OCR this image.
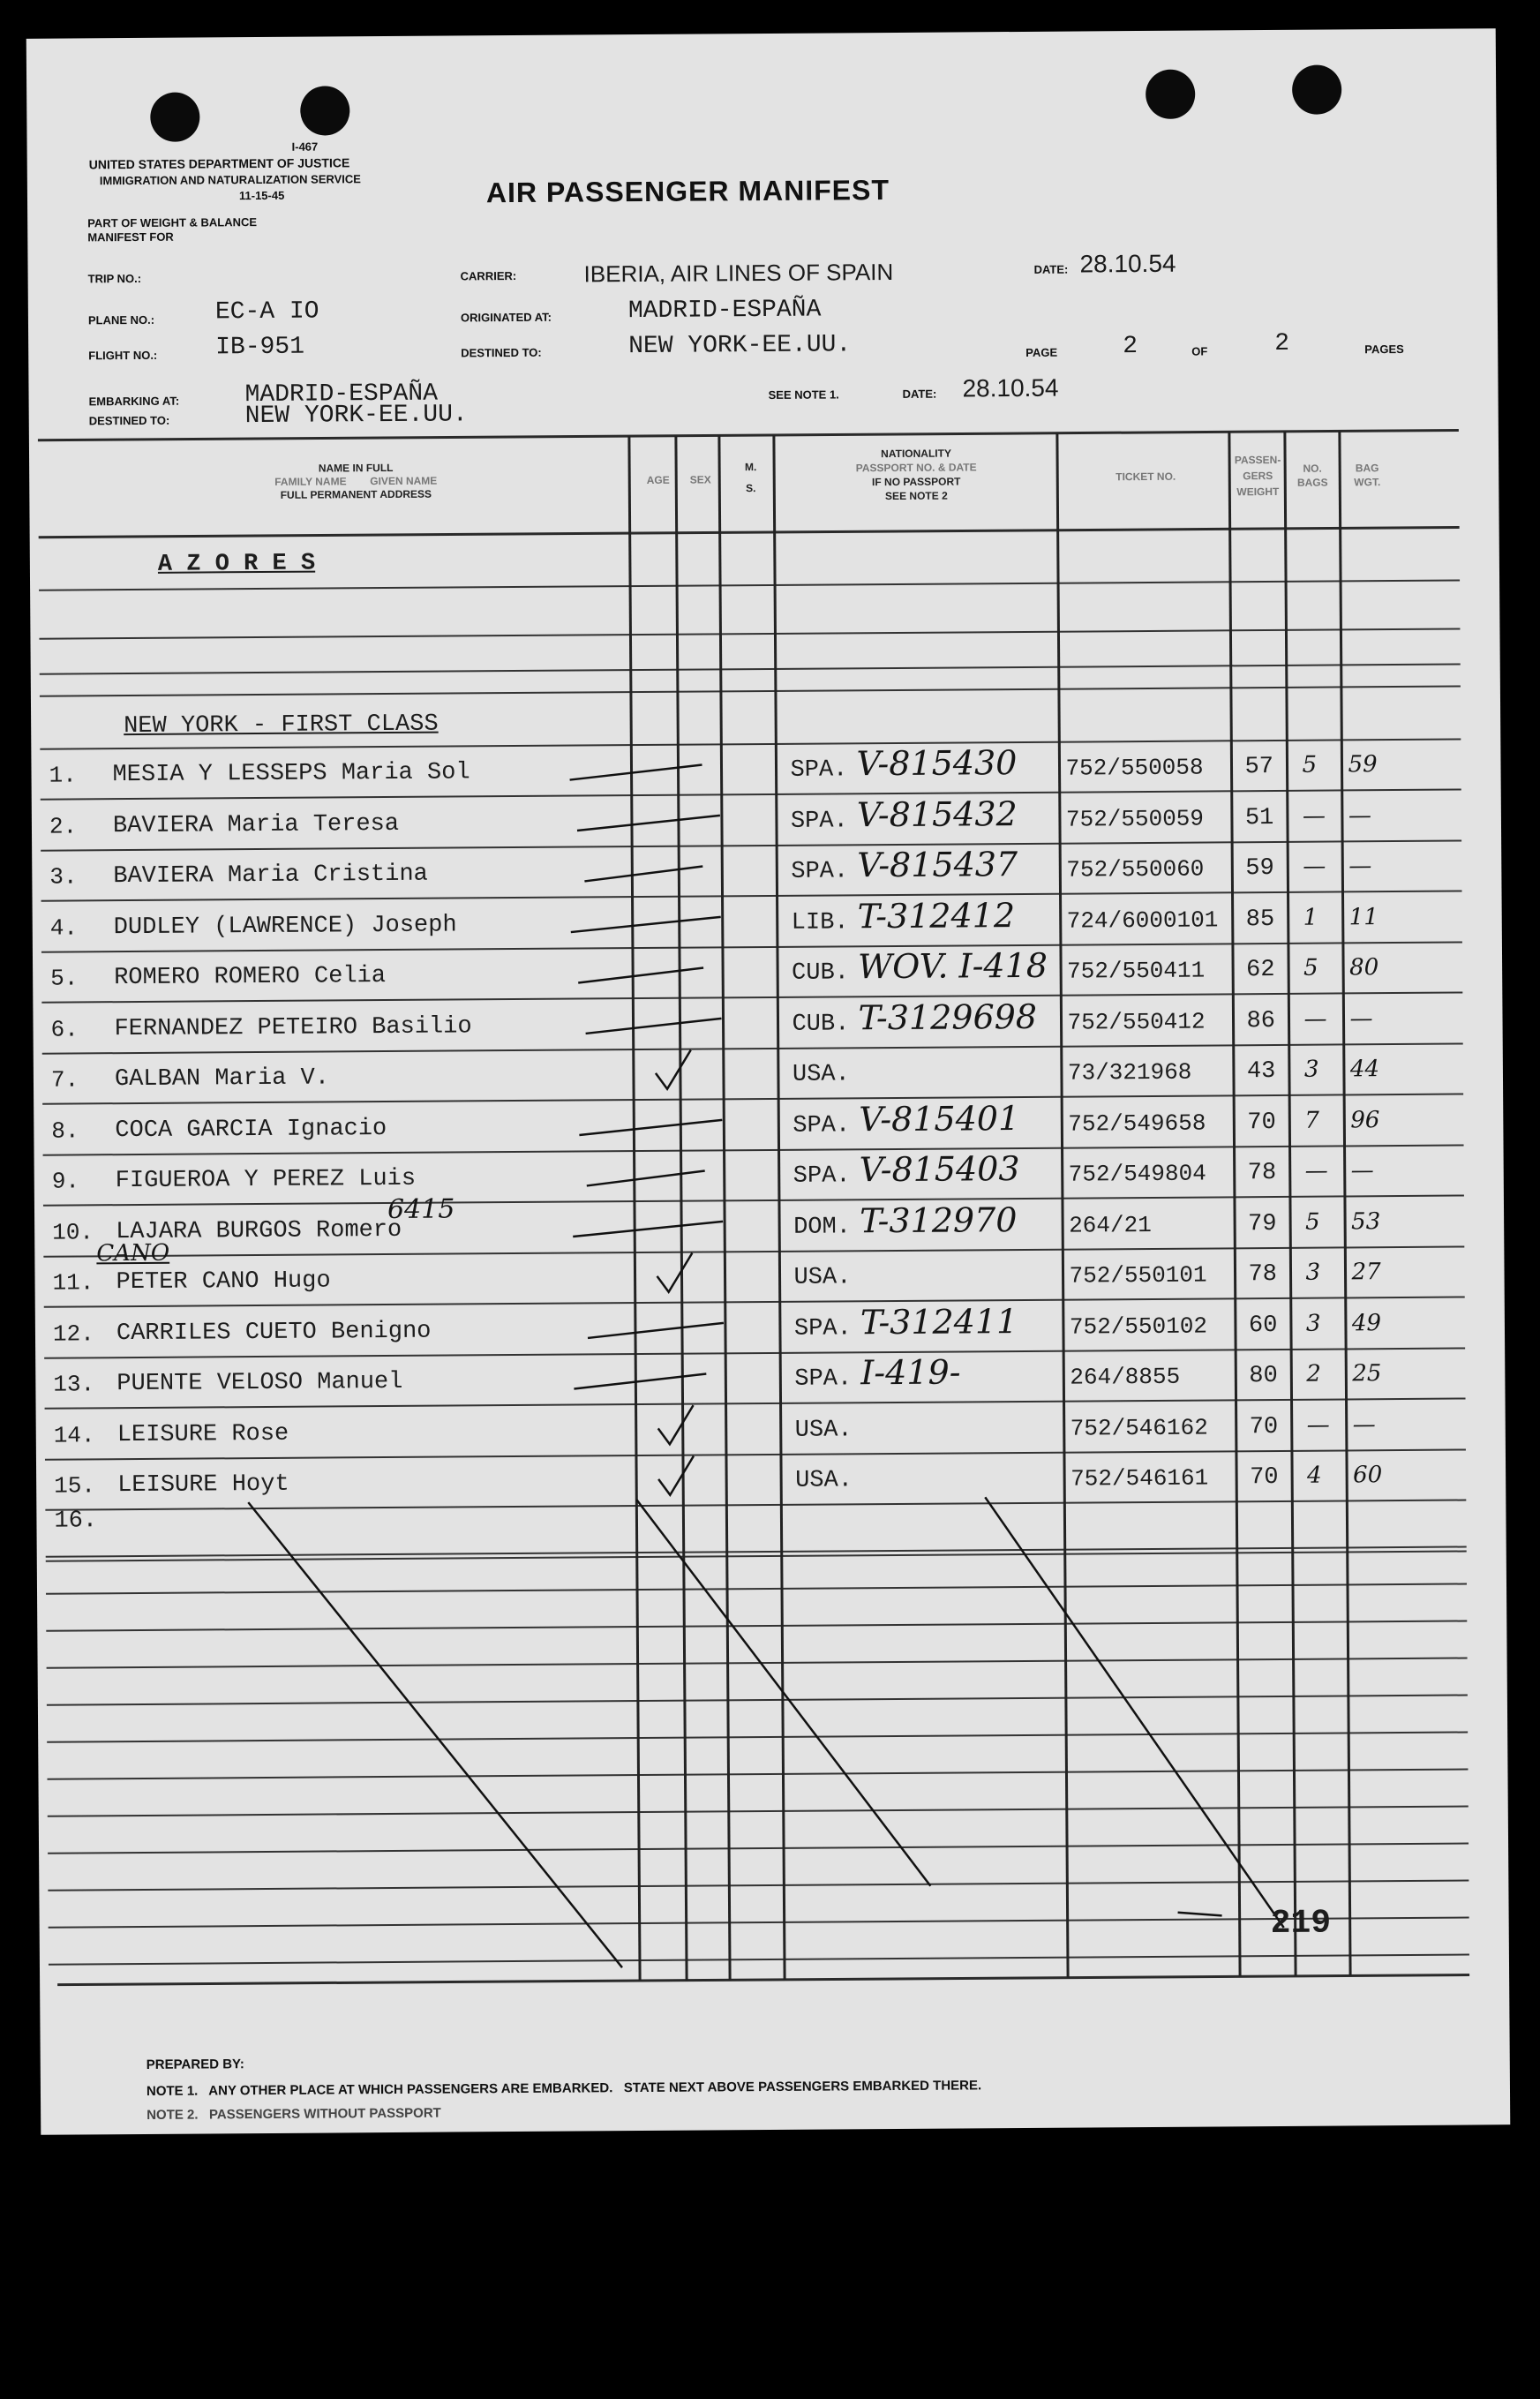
I-467
UNITED STATES DEPARTMENT OF JUSTICE
IMMIGRATION AND NATURALIZATION SERVICE
11-15-45
PART OF WEIGHT & BALANCE
MANIFEST FOR
AIR PASSENGER MANIFEST
TRIP NO.:
PLANE NO.: EC-A IO
FLIGHT NO.: IB-951
CARRIER:	IBERIA, AIR LINES OF SPAIN
ORIGINATED AT:	MADRID-ESPAÑA
DESTINED TO:	NEW YORK-EE.UU.
DATE: 28.10.54
PAGE	2	OF	2	PAGES
EMBARKING AT:	MADRID-ESPAÑA
DESTINED TO:	NEW YORK-EE.UU.
SEE NOTE 1.	DATE: 28.10.54
NAME IN FULL
FAMILY NAME        GIVEN NAME
FULL PERMANENT ADDRESS
AGE	SEX
M.
S.
NATIONALITY
PASSPORT NO. & DATE
IF NO PASSPORT
SEE NOTE 2
TICKET NO.
PASSEN-
GERS
WEIGHT
NO.
BAGS
BAG
WGT.
A Z O R E S
NEW YORK - FIRST CLASS
1. MESIA Y LESSEPS Maria Sol	SPA. V-815430 752/550058 57 5 59
2. BAVIERA Maria Teresa	SPA. V-815432 752/550059 51 — —
3. BAVIERA Maria Cristina	SPA. V-815437 752/550060 59 — —
4. DUDLEY (LAWRENCE) Joseph	LIB. T-312412 724/6000101 85 1 11
5. ROMERO ROMERO Celia	CUB. WOV. I-418 752/550411 62 5 80
6. FERNANDEZ PETEIRO Basilio	CUB. T-3129698 752/550412 86 — —
7. GALBAN Maria V.	USA.	73/321968 43 3 44
8. COCA GARCIA Ignacio	SPA. V-815401 752/549658 70 7 96
9. FIGUEROA Y PEREZ Luis	SPA. V-815403 752/549804 78 — —
10. LAJARA BURGOS Romero	DOM. T-312970 264/21	79 5 53
11. PETER CANO Hugo	USA.	752/550101 78 3 27
12. CARRILES CUETO Benigno	SPA. T-312411 752/550102 60 3 49
13. PUENTE VELOSO Manuel	SPA. I-419-	264/8855	80 2 25
14. LEISURE Rose	USA.	752/546162 70 — —
15. LEISURE Hoyt	USA.	752/546161 70 4 60
16.
6415
CANO
219
PREPARED BY:
NOTE 1.   ANY OTHER PLACE AT WHICH PASSENGERS ARE EMBARKED.   STATE NEXT ABOVE PASSENGERS EMBARKED THERE.
NOTE 2.   PASSENGERS WITHOUT PASSPORT
